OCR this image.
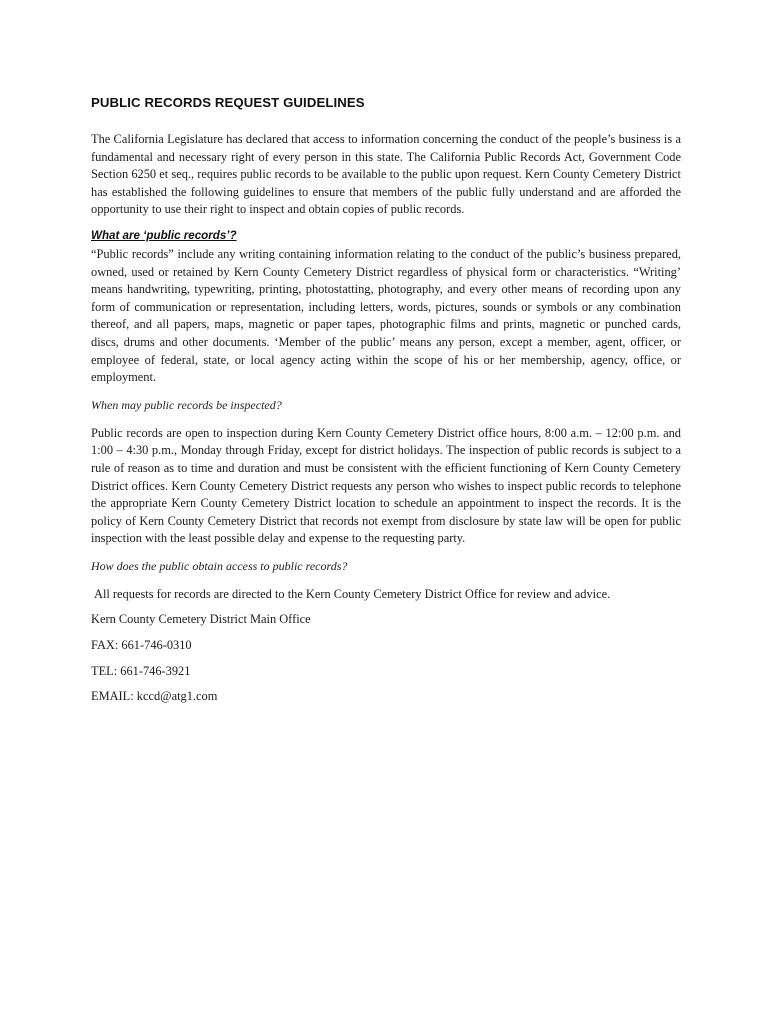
PUBLIC RECORDS REQUEST GUIDELINES

The California Legislature has declared that access to information concerning the conduct of the people’s business is a fundamental and necessary right of every person in this state. The California Public Records Act, Government Code Section 6250 et seq., requires public records to be available to the public upon request. Kern County Cemetery District has established the following guidelines to ensure that members of the public fully understand and are afforded the opportunity to use their right to inspect and obtain copies of public records.

What are ‘public records’?

“Public records” include any writing containing information relating to the conduct of the public’s business prepared, owned, used or retained by Kern County Cemetery District regardless of physical form or characteristics. “Writing’ means handwriting, typewriting, printing, photostatting, photography, and every other means of recording upon any form of communication or representation, including letters, words, pictures, sounds or symbols or any combination thereof, and all papers, maps, magnetic or paper tapes, photographic films and prints, magnetic or punched cards, discs, drums and other documents. ‘Member of the public’ means any person, except a member, agent, officer, or employee of federal, state, or local agency acting within the scope of his or her membership, agency, office, or employment.

When may public records be inspected?

Public records are open to inspection during Kern County Cemetery District office hours, 8:00 a.m. – 12:00 p.m. and 1:00 – 4:30 p.m., Monday through Friday, except for district holidays. The inspection of public records is subject to a rule of reason as to time and duration and must be consistent with the efficient functioning of Kern County Cemetery District offices. Kern County Cemetery District requests any person who wishes to inspect public records to telephone the appropriate Kern County Cemetery District location to schedule an appointment to inspect the records. It is the policy of Kern County Cemetery District that records not exempt from disclosure by state law will be open for public inspection with the least possible delay and expense to the requesting party.

How does the public obtain access to public records?

All requests for records are directed to the Kern County Cemetery District Office for review and advice.

Kern County Cemetery District Main Office
FAX: 661-746-0310
TEL: 661-746-3921
EMAIL: kccd@atg1.com
